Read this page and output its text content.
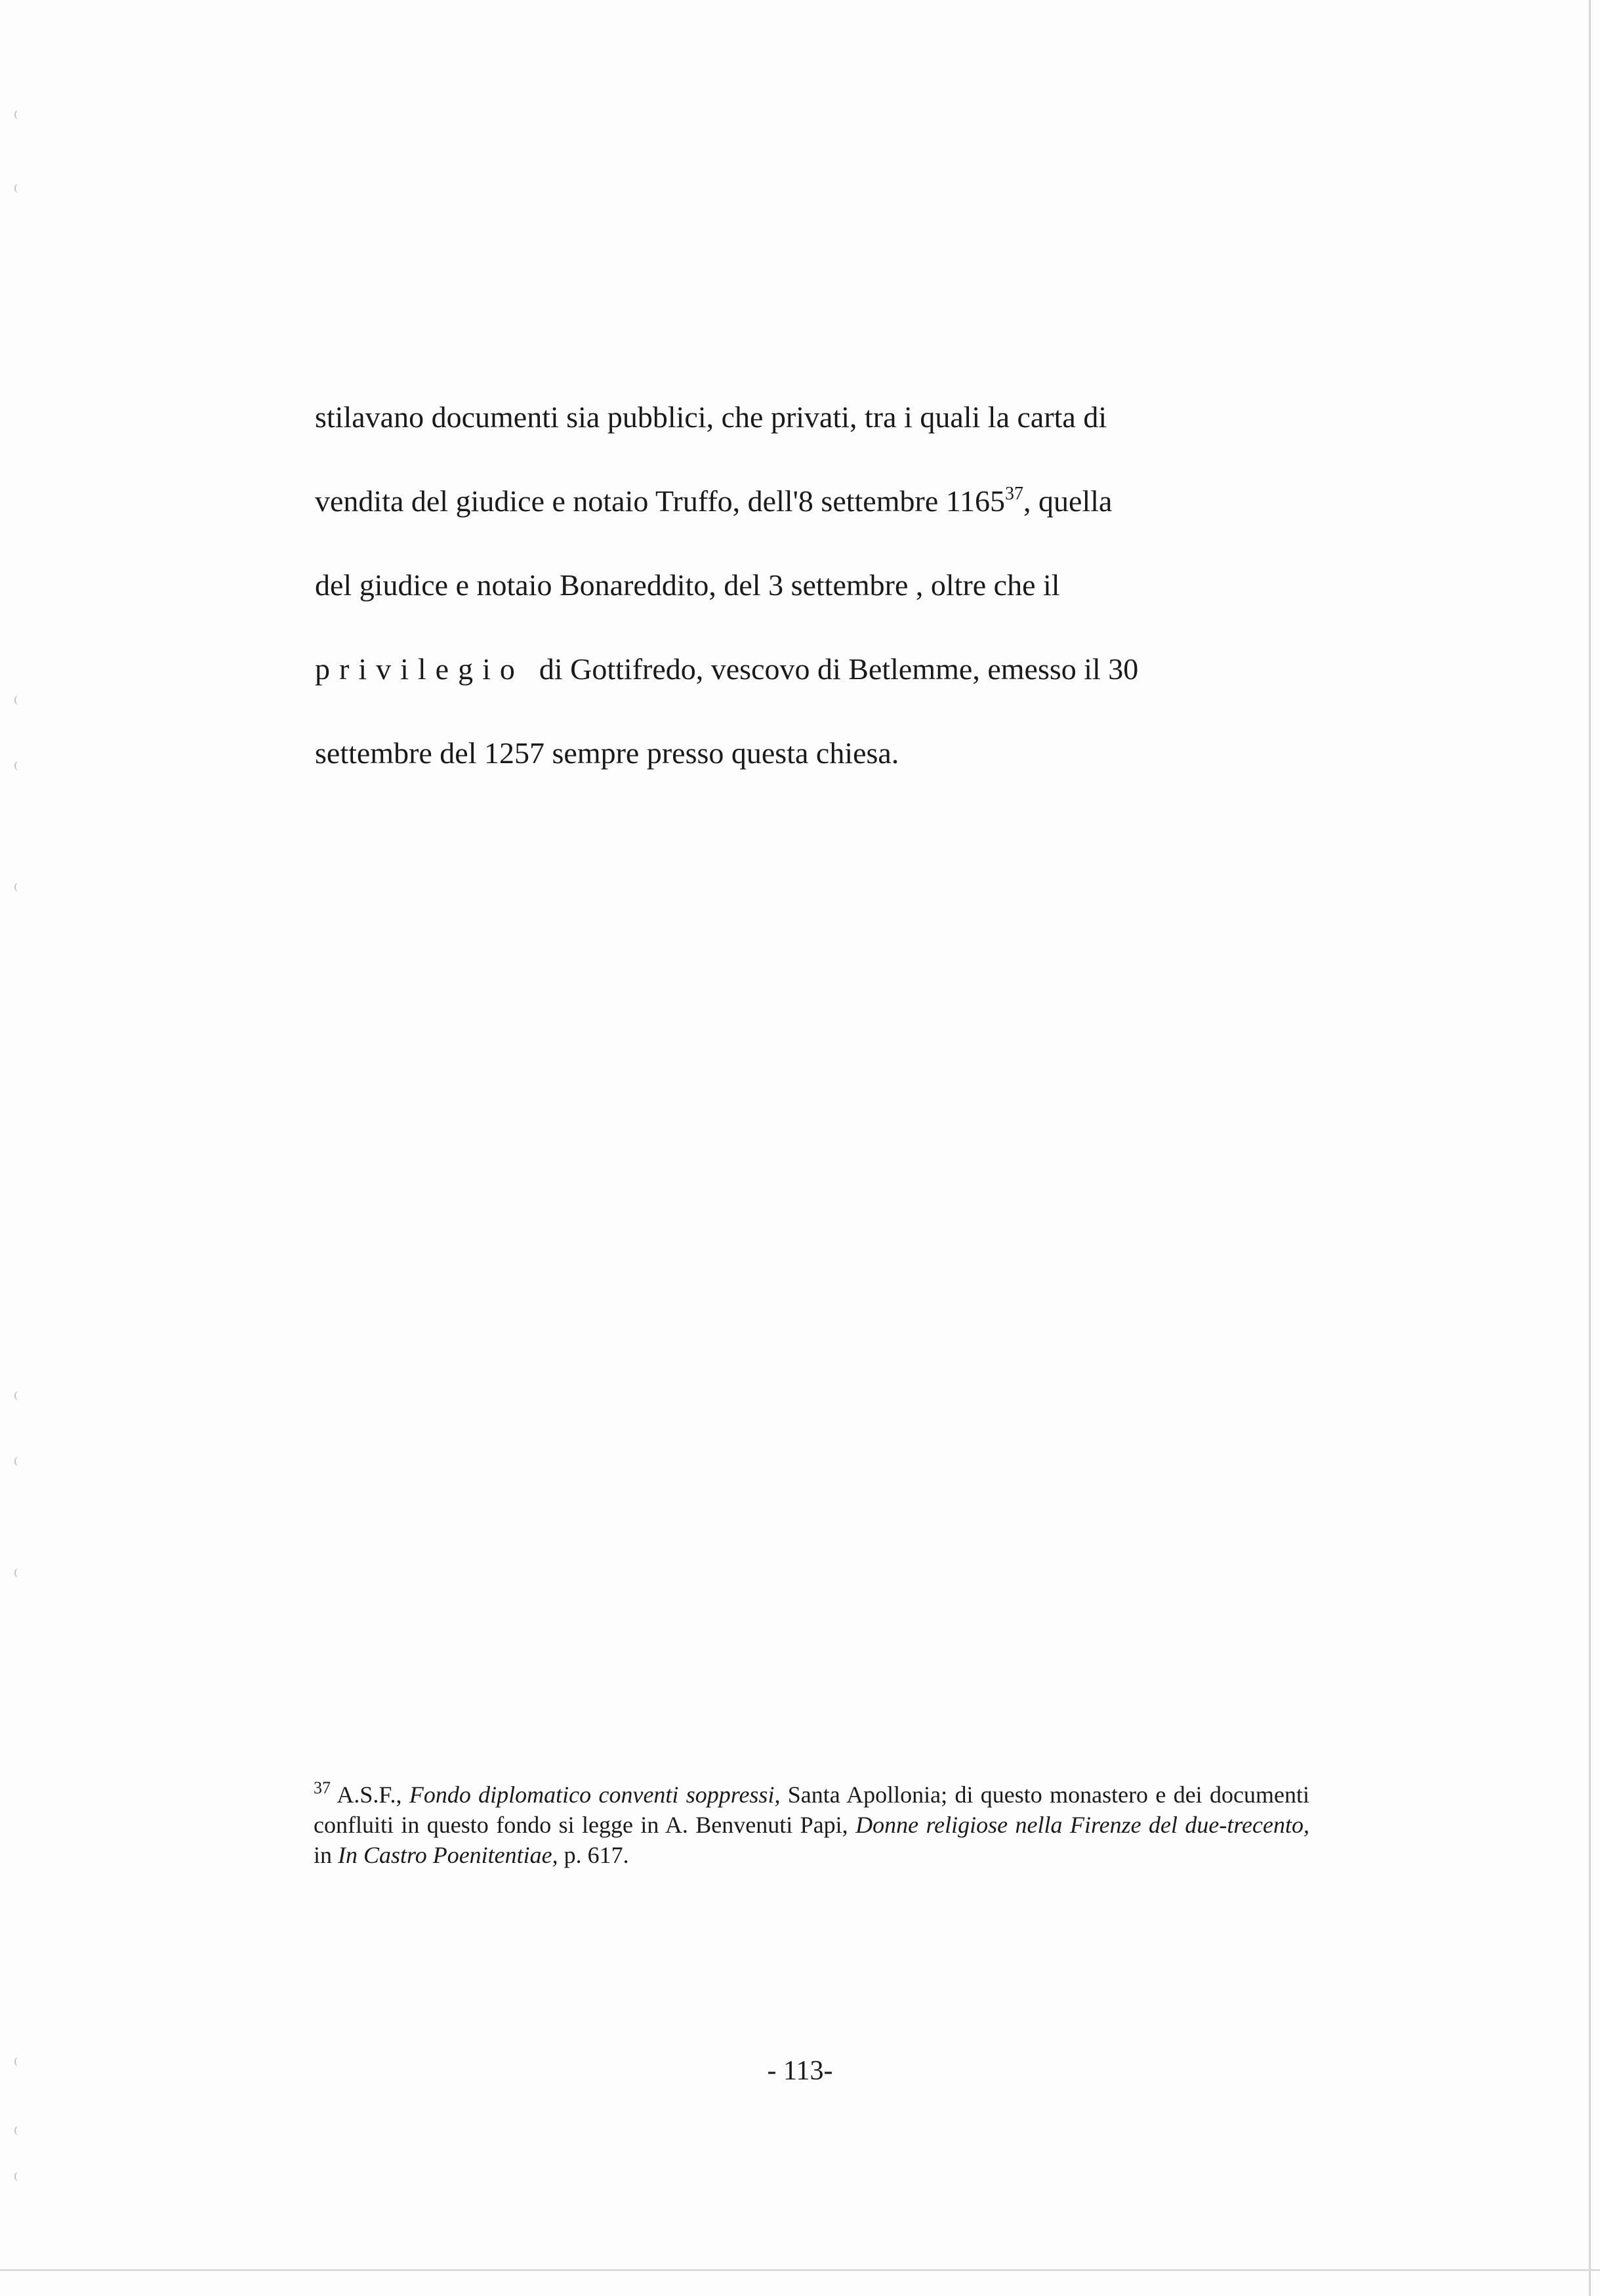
stilavano documenti sia pubblici, che privati, tra i quali la carta di
vendita del giudice e notaio Truffo, dell'8 settembre 1165$^{37}$, quella
del giudice e notaio Bonareddito, del 3 settembre , oltre che il
privilegio di Gottifredo, vescovo di Betlemme, emesso il 30
settembre del 1257 sempre presso questa chiesa.
$^{37}$ A.S.F., Fondo diplomatico conventi soppressi, Santa Apollonia; di questo monastero e dei documenti confluiti in questo fondo si legge in A. Benvenuti Papi, Donne religiose nella Firenze del due-trecento, in In Castro Poenitentiae, p. 617.
- 113-
